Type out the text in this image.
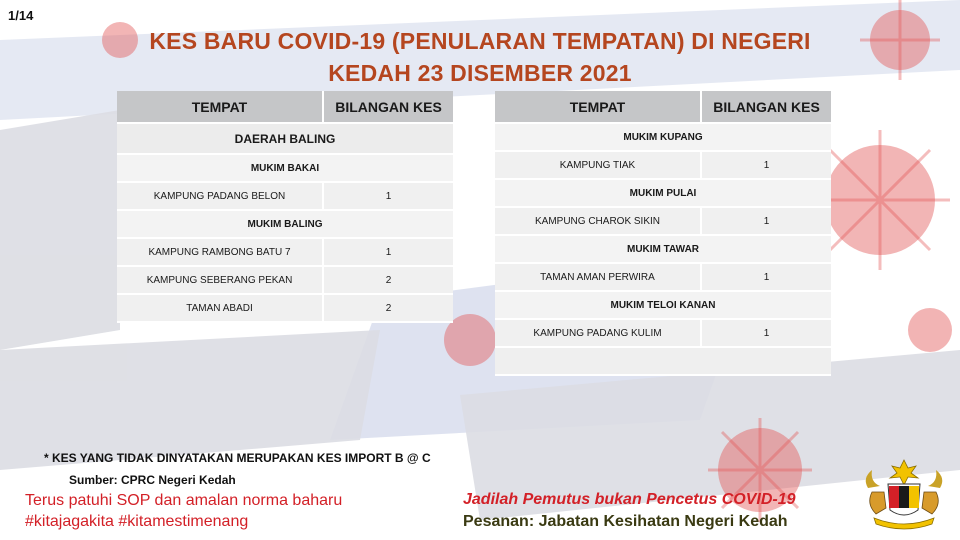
1/14
KES BARU COVID-19 (PENULARAN TEMPATAN) DI NEGERI
KEDAH 23 DISEMBER 2021
TEMPAT	BILANGAN KES
DAERAH BALING	
MUKIM BAKAI	
KAMPUNG PADANG BELON	1
MUKIM BALING	
KAMPUNG RAMBONG BATU 7	1
KAMPUNG SEBERANG PEKAN	2
TAMAN ABADI	2
TEMPAT	BILANGAN KES
MUKIM KUPANG	
KAMPUNG TIAK	1
MUKIM PULAI	
KAMPUNG CHAROK SIKIN	1
MUKIM TAWAR	
TAMAN AMAN PERWIRA	1
MUKIM TELOI KANAN	
KAMPUNG PADANG KULIM	1

* KES YANG TIDAK DINYATAKAN MERUPAKAN KES IMPORT B @ C
Sumber: CPRC Negeri Kedah
Terus patuhi SOP dan amalan norma baharu
#kitajagakita #kitamestimenang
Jadilah Pemutus bukan Pencetus COVID-19
Pesanan: Jabatan Kesihatan Negeri Kedah
